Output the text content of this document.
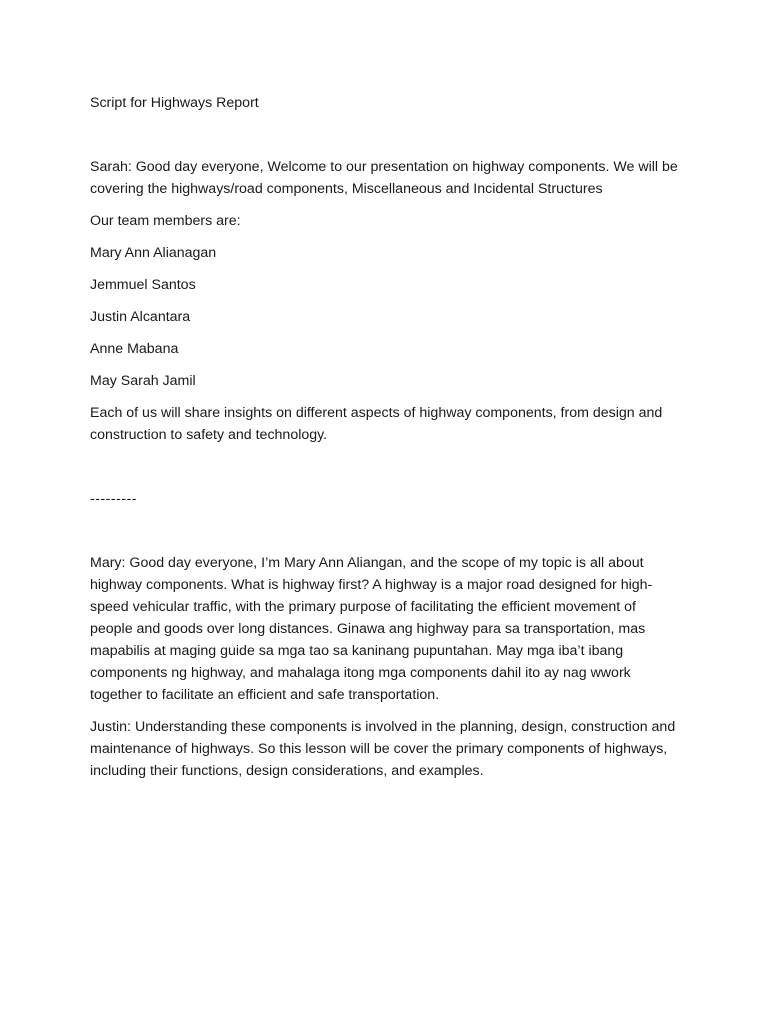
Script for Highways Report

Sarah: Good day everyone, Welcome to our presentation on highway components. We will be covering the highways/road components, Miscellaneous and Incidental Structures

Our team members are:

Mary Ann Alianagan

Jemmuel Santos

Justin Alcantara

Anne Mabana

May Sarah Jamil

Each of us will share insights on different aspects of highway components, from design and construction to safety and technology.

---------

Mary: Good day everyone, I’m Mary Ann Aliangan, and the scope of my topic is all about highway components. What is highway first? A highway is a major road designed for high-speed vehicular traffic, with the primary purpose of facilitating the efficient movement of people and goods over long distances. Ginawa ang highway para sa transportation, mas mapabilis at maging guide sa mga tao sa kaninang pupuntahan. May mga iba’t ibang components ng highway, and mahalaga itong mga components dahil ito ay nag wwork together to facilitate an efficient and safe transportation.

Justin: Understanding these components is involved in the planning, design, construction and maintenance of highways. So this lesson will be cover the primary components of highways, including their functions, design considerations, and examples.
